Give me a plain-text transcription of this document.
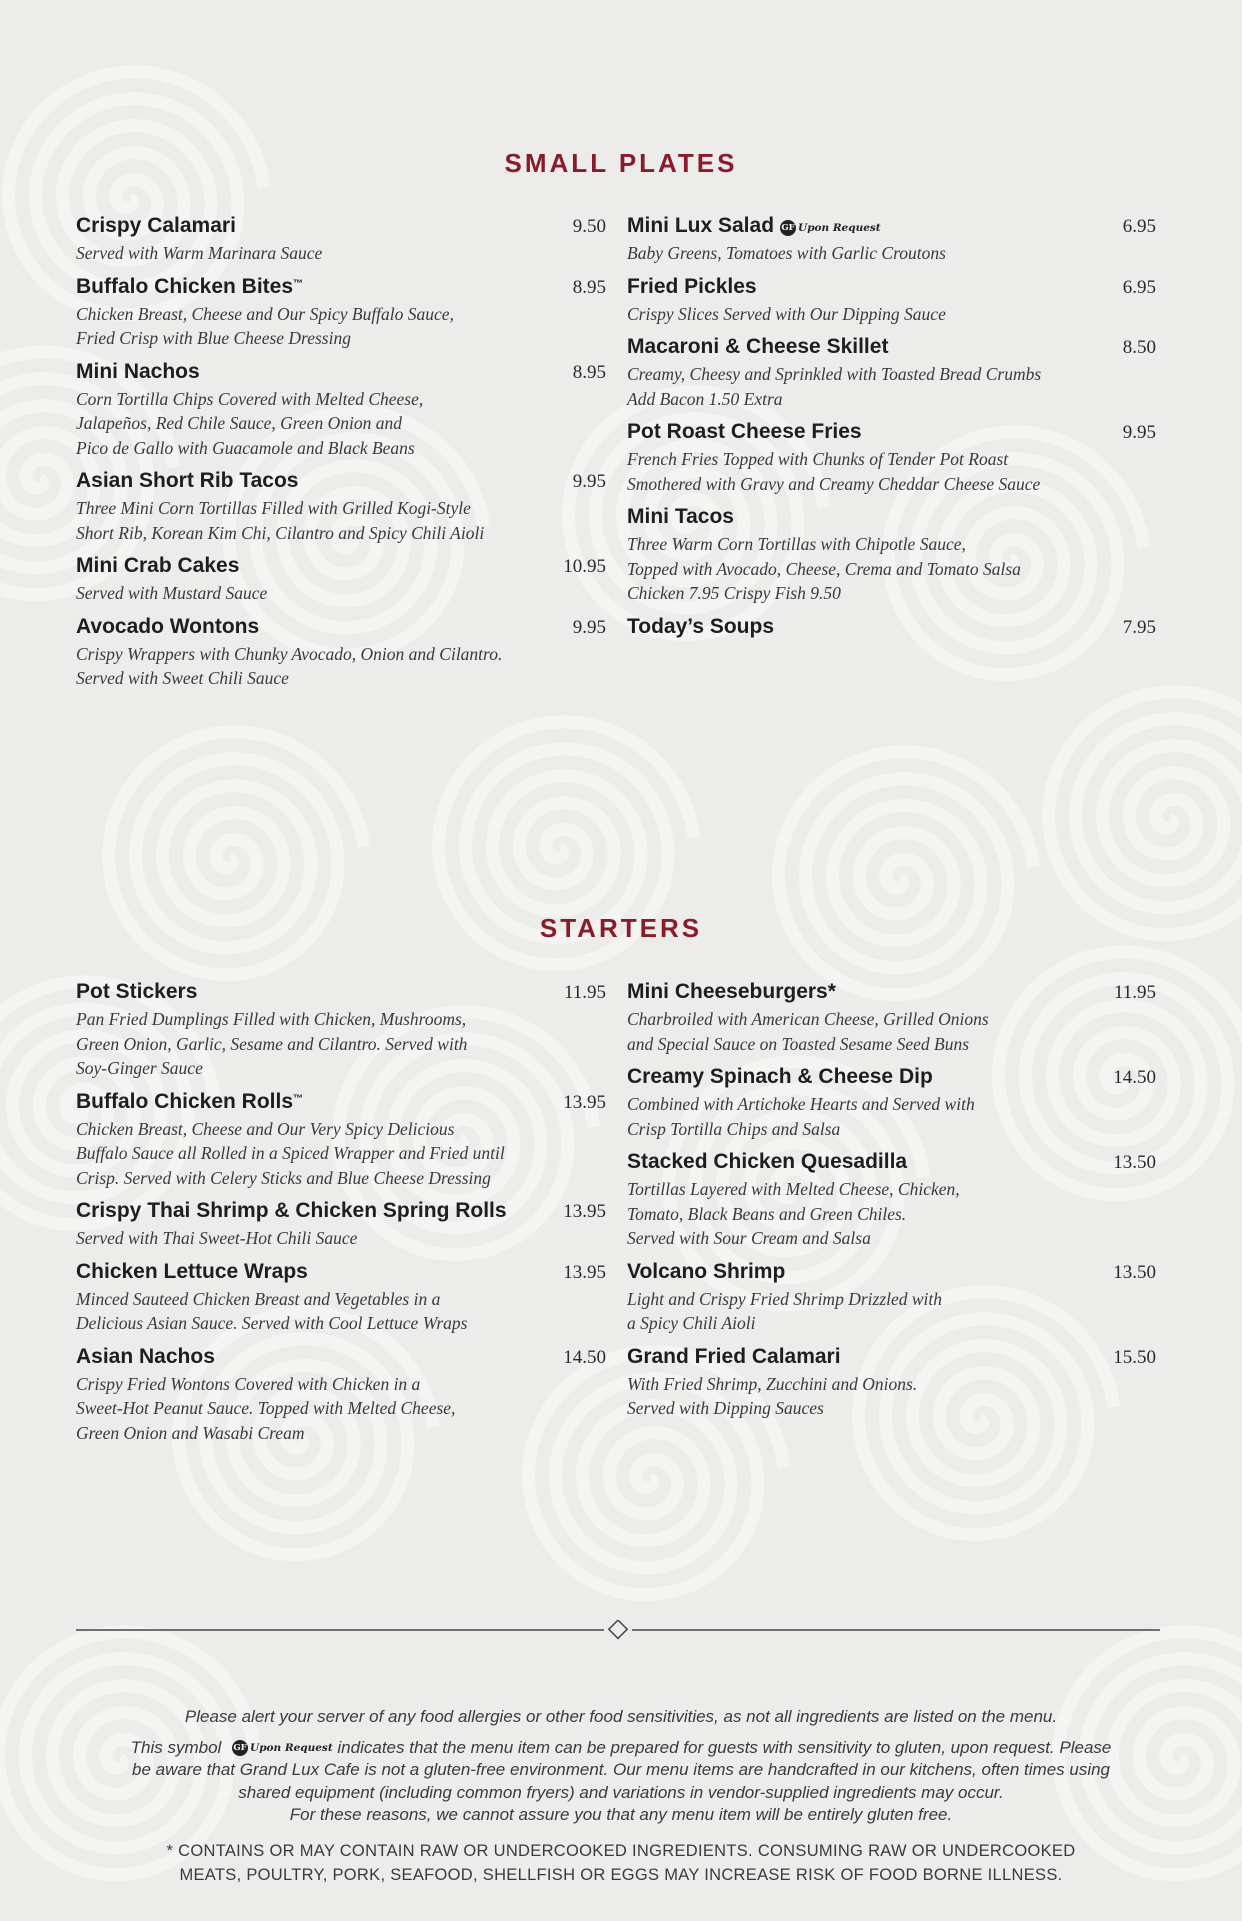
SMALL PLATES
Crispy Calamari	9.50
Served with Warm Marinara Sauce
Buffalo Chicken Bites™	8.95
Chicken Breast, Cheese and Our Spicy Buffalo Sauce,
Fried Crisp with Blue Cheese Dressing
Mini Nachos	8.95
Corn Tortilla Chips Covered with Melted Cheese,
Jalapeños, Red Chile Sauce, Green Onion and
Pico de Gallo with Guacamole and Black Beans
Asian Short Rib Tacos	9.95
Three Mini Corn Tortillas Filled with Grilled Kogi-Style
Short Rib, Korean Kim Chi, Cilantro and Spicy Chili Aioli
Mini Crab Cakes	10.95
Served with Mustard Sauce
Avocado Wontons	9.95
Crispy Wrappers with Chunky Avocado, Onion and Cilantro.
Served with Sweet Chili Sauce
Mini Lux Salad GF Upon Request	6.95
Baby Greens, Tomatoes with Garlic Croutons
Fried Pickles	6.95
Crispy Slices Served with Our Dipping Sauce
Macaroni & Cheese Skillet	8.50
Creamy, Cheesy and Sprinkled with Toasted Bread Crumbs
Add Bacon 1.50 Extra
Pot Roast Cheese Fries	9.95
French Fries Topped with Chunks of Tender Pot Roast
Smothered with Gravy and Creamy Cheddar Cheese Sauce
Mini Tacos
Three Warm Corn Tortillas with Chipotle Sauce,
Topped with Avocado, Cheese, Crema and Tomato Salsa
Chicken 7.95 Crispy Fish 9.50
Today’s Soups	7.95
STARTERS
Pot Stickers	11.95
Pan Fried Dumplings Filled with Chicken, Mushrooms,
Green Onion, Garlic, Sesame and Cilantro. Served with
Soy-Ginger Sauce
Buffalo Chicken Rolls™	13.95
Chicken Breast, Cheese and Our Very Spicy Delicious
Buffalo Sauce all Rolled in a Spiced Wrapper and Fried until
Crisp. Served with Celery Sticks and Blue Cheese Dressing
Crispy Thai Shrimp & Chicken Spring Rolls	13.95
Served with Thai Sweet-Hot Chili Sauce
Chicken Lettuce Wraps	13.95
Minced Sauteed Chicken Breast and Vegetables in a
Delicious Asian Sauce. Served with Cool Lettuce Wraps
Asian Nachos	14.50
Crispy Fried Wontons Covered with Chicken in a
Sweet-Hot Peanut Sauce. Topped with Melted Cheese,
Green Onion and Wasabi Cream
Mini Cheeseburgers*	11.95
Charbroiled with American Cheese, Grilled Onions
and Special Sauce on Toasted Sesame Seed Buns
Creamy Spinach & Cheese Dip	14.50
Combined with Artichoke Hearts and Served with
Crisp Tortilla Chips and Salsa
Stacked Chicken Quesadilla	13.50
Tortillas Layered with Melted Cheese, Chicken,
Tomato, Black Beans and Green Chiles.
Served with Sour Cream and Salsa
Volcano Shrimp	13.50
Light and Crispy Fried Shrimp Drizzled with
a Spicy Chili Aioli
Grand Fried Calamari	15.50
With Fried Shrimp, Zucchini and Onions.
Served with Dipping Sauces

Please alert your server of any food allergies or other food sensitivities, as not all ingredients are listed on the menu.

This symbol GF Upon Request indicates that the menu item can be prepared for guests with sensitivity to gluten, upon request. Please
be aware that Grand Lux Cafe is not a gluten-free environment. Our menu items are handcrafted in our kitchens, often times using
shared equipment (including common fryers) and variations in vendor-supplied ingredients may occur.
For these reasons, we cannot assure you that any menu item will be entirely gluten free.

* CONTAINS OR MAY CONTAIN RAW OR UNDERCOOKED INGREDIENTS. CONSUMING RAW OR UNDERCOOKED
MEATS, POULTRY, PORK, SEAFOOD, SHELLFISH OR EGGS MAY INCREASE RISK OF FOOD BORNE ILLNESS.
